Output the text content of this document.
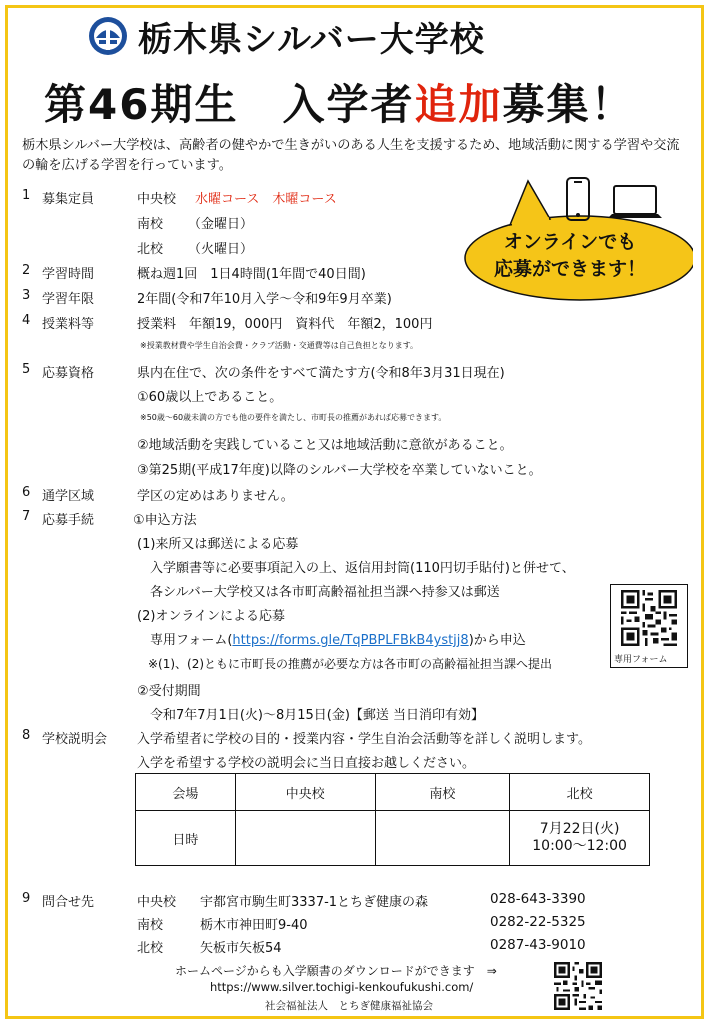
栃木県シルバー大学校
第46期生　入学者追加募集！
栃木県シルバー大学校は、高齢者の健やかで生きがいのある人生を支援するため、地域活動に関する学習や交流の輪を広げる学習を行っています。
オンラインでも
応募ができます！
1 募集定員	中央校 水曜コース　木曜コース
南校 （金曜日）
北校 （火曜日）
2 学習時間	概ね週1回　1日4時間(1年間で40日間)
3 学習年限	2年間(令和7年10月入学～令和9年9月卒業)
4 授業料等	授業料　年額19，000円　資料代　年額2，100円
※授業教材費や学生自治会費・クラブ活動・交通費等は自己負担となります。
5 応募資格	県内在住で、次の条件をすべて満たす方(令和8年3月31日現在)
①60歳以上であること。
※50歳～60歳未満の方でも他の要件を満たし、市町長の推薦があれば応募できます。
②地域活動を実践していること又は地域活動に意欲があること。
③第25期(平成17年度)以降のシルバー大学校を卒業していないこと。
6 通学区域	学区の定めはありません。
7 応募手続	①申込方法
(1)来所又は郵送による応募
入学願書等に必要事項記入の上、返信用封筒(110円切手貼付)と併せて、
各シルバー大学校又は各市町高齢福祉担当課へ持参又は郵送
(2)オンラインによる応募
専用フォーム(https://forms.gle/TqPBPLFBkB4ystjj8)から申込
※(1)、(2)ともに市町長の推薦が必要な方は各市町の高齢福祉担当課へ提出
②受付期間
令和7年7月1日(火)～8月15日(金)【郵送 当日消印有効】
専用フォーム
8 学校説明会 入学希望者に学校の目的・授業内容・学生自治会活動等を詳しく説明します。
入学を希望する学校の説明会に当日直接お越しください。
会場	中央校	南校	北校
日時			7月22日(火)
10:00～12:00
9 問合せ先	中央校 宇都宮市駒生町3337-1とちぎ健康の森	028-643-3390
南校	栃木市神田町9-40	0282-22-5325
北校	矢板市矢板54	0287-43-9010
ホームページからも入学願書のダウンロードができます　⇒
https://www.silver.tochigi-kenkoufukushi.com/
社会福祉法人　とちぎ健康福祉協会
